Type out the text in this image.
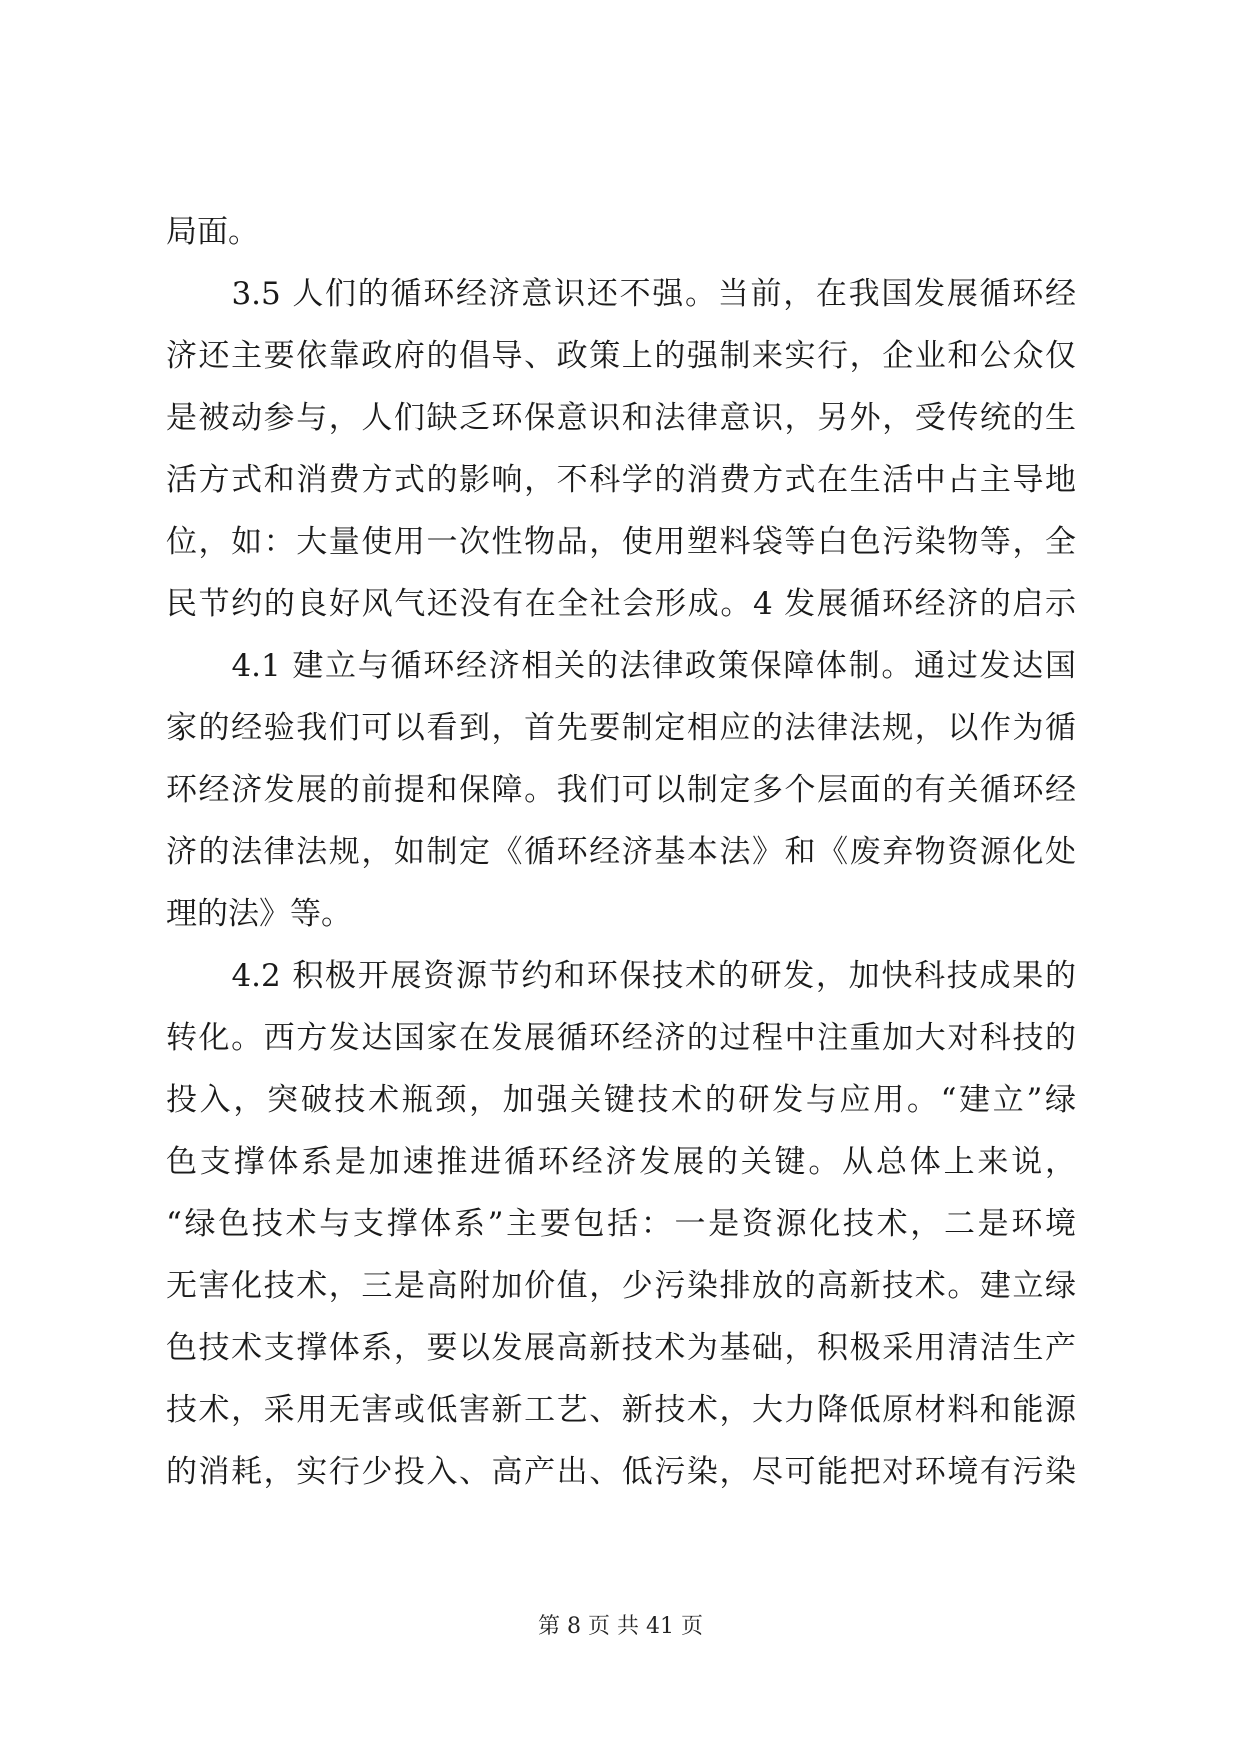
局面。
　　3.5 人们的循环经济意识还不强。当前，在我国发展循环经
济还主要依靠政府的倡导、政策上的强制来实行，企业和公众仅
是被动参与，人们缺乏环保意识和法律意识，另外，受传统的生
活方式和消费方式的影响，不科学的消费方式在生活中占主导地
位，如：大量使用一次性物品，使用塑料袋等白色污染物等，全
民节约的良好风气还没有在全社会形成。4 发展循环经济的启示
　　4.1 建立与循环经济相关的法律政策保障体制。通过发达国
家的经验我们可以看到，首先要制定相应的法律法规，以作为循
环经济发展的前提和保障。我们可以制定多个层面的有关循环经
济的法律法规，如制定《循环经济基本法》和《废弃物资源化处
理的法》等。
　　4.2 积极开展资源节约和环保技术的研发，加快科技成果的
转化。西方发达国家在发展循环经济的过程中注重加大对科技的
投入，突破技术瓶颈，加强关键技术的研发与应用。“建立”绿
色支撑体系是加速推进循环经济发展的关键。从总体上来说，
“绿色技术与支撑体系”主要包括：一是资源化技术，二是环境
无害化技术，三是高附加价值，少污染排放的高新技术。建立绿
色技术支撑体系，要以发展高新技术为基础，积极采用清洁生产
技术，采用无害或低害新工艺、新技术，大力降低原材料和能源
的消耗，实行少投入、高产出、低污染，尽可能把对环境有污染
第 8 页 共 41 页
